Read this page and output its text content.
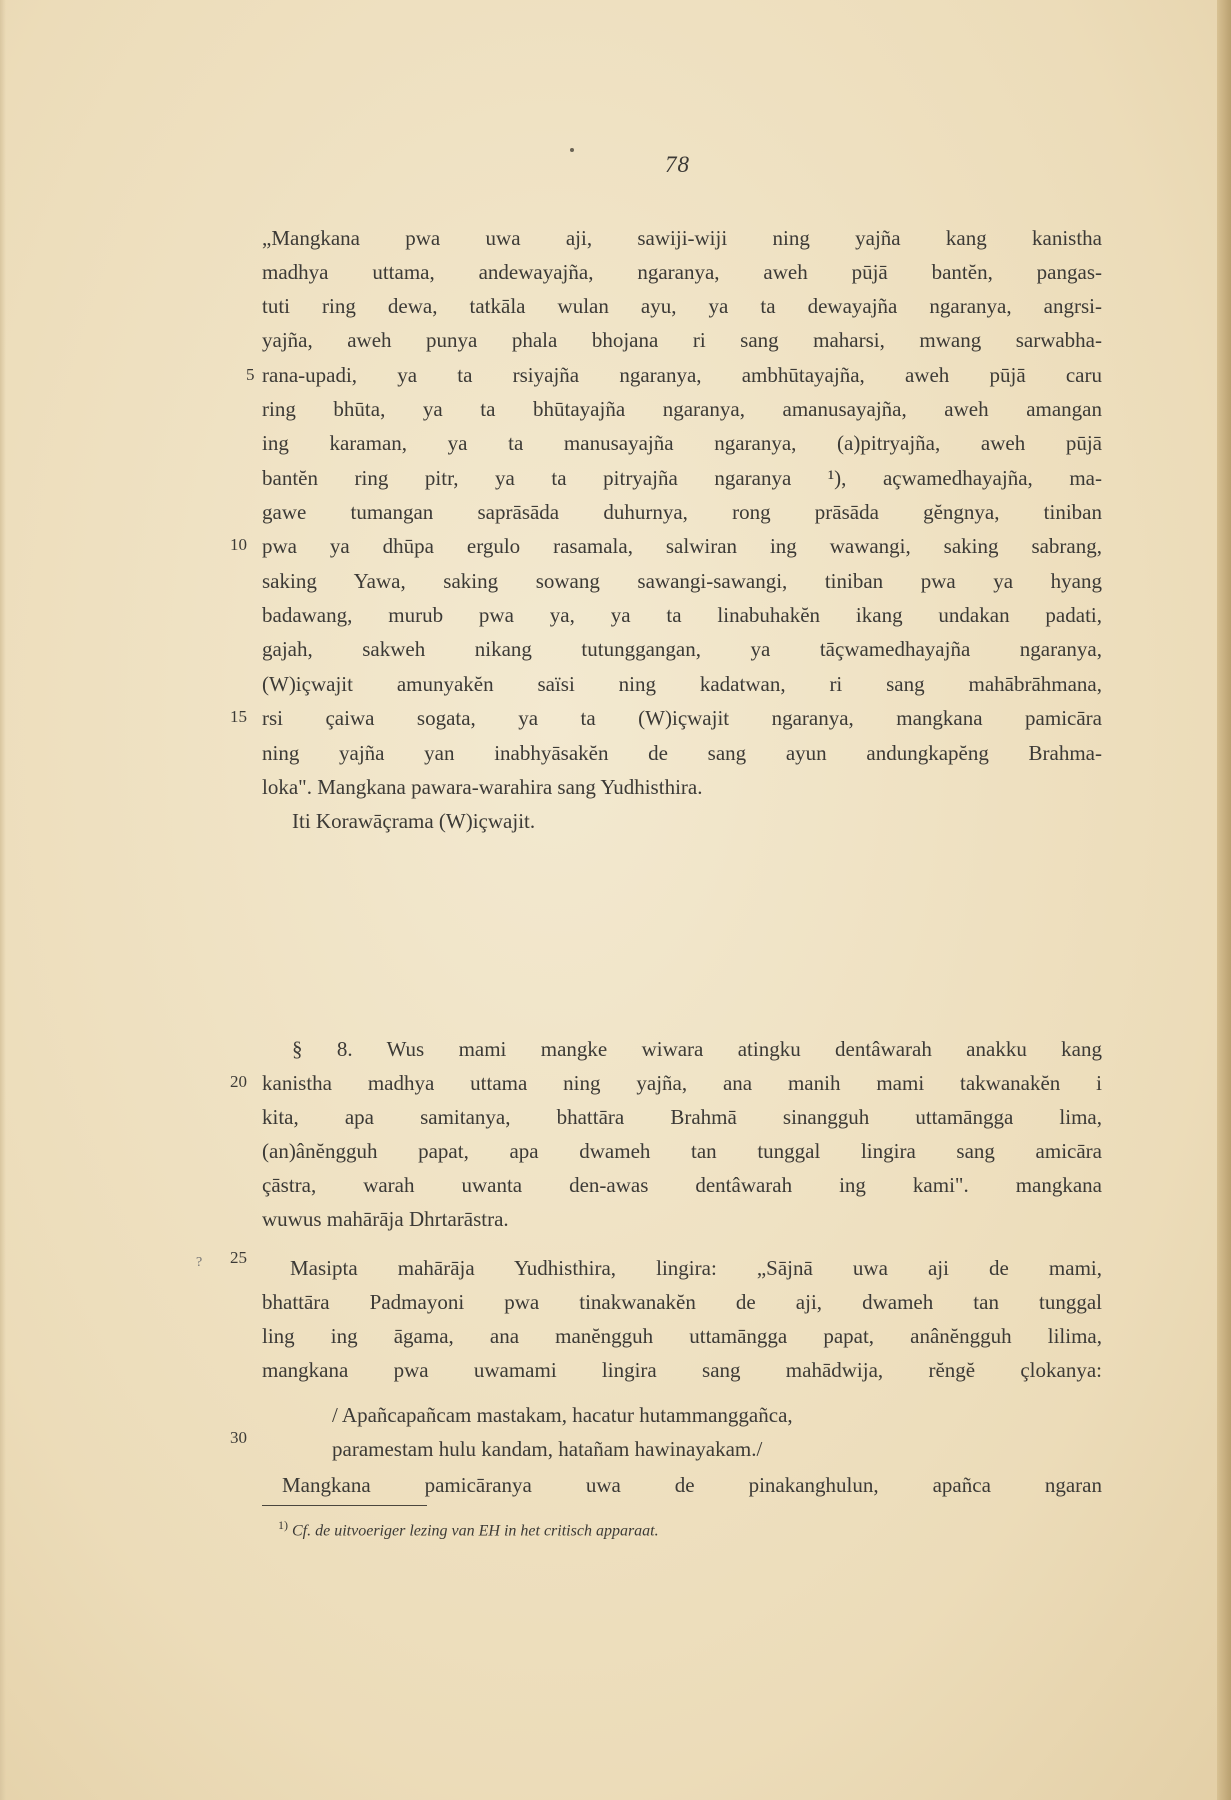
78
„Mangkana pwa uwa aji, sawiji-wiji ning yajña kang kanistha
madhya uttama, andewayajña, ngaranya, aweh pūjā bantĕn, pangas-
tuti ring dewa, tatkāla wulan ayu, ya ta dewayajña ngaranya, angrsi-
yajña, aweh punya phala bhojana ri sang maharsi, mwang sarwabha-
rana-upadi, ya ta rsiyajña ngaranya, ambhūtayajña, aweh pūjā caru
ring bhūta, ya ta bhūtayajña ngaranya, amanusayajña, aweh amangan
ing karaman, ya ta manusayajña ngaranya, (a)pitryajña, aweh pūjā
bantĕn ring pitr, ya ta pitryajña ngaranya ¹), açwamedhayajña, ma-
gawe tumangan saprāsāda duhurnya, rong prāsāda gĕngnya, tiniban
pwa ya dhūpa ergulo rasamala, salwiran ing wawangi, saking sabrang,
saking Yawa, saking sowang sawangi-sawangi, tiniban pwa ya hyang
badawang, murub pwa ya, ya ta linabuhakĕn ikang undakan padati,
gajah, sakweh nikang tutunggangan, ya tāçwamedhayajña ngaranya,
(W)içwajit amunyakĕn saïsi ning kadatwan, ri sang mahābrāhmana,
rsi çaiwa sogata, ya ta (W)içwajit ngaranya, mangkana pamicāra
ning yajña yan inabhyāsakĕn de sang ayun andungkapĕng Brahma-
loka". Mangkana pawara-warahira sang Yudhisthira.
Iti Korawāçrama (W)içwajit.
§ 8. Wus mami mangke wiwara atingku dentâwarah anakku kang
kanistha madhya uttama ning yajña, ana manih mami takwanakĕn i
kita, apa samitanya, bhattāra Brahmā sinangguh uttamāngga lima,
(an)ânĕngguh papat, apa dwameh tan tunggal lingira sang amicāra
çāstra, warah uwanta den-awas dentâwarah ing kami". mangkana
wuwus mahārāja Dhrtarāstra.
Masipta mahārāja Yudhisthira, lingira: „Sājnā uwa aji de mami,
bhattāra Padmayoni pwa tinakwanakĕn de aji, dwameh tan tunggal
ling ing āgama, ana manĕngguh uttamāngga papat, anânĕngguh lilima,
mangkana pwa uwamami lingira sang mahādwija, rĕngĕ çlokanya:
/ Apañcapañcam mastakam, hacatur hutammanggañca,
paramestam hulu kandam, hatañam hawinayakam./
Mangkana pamicāranya uwa de pinakanghulun, apañca ngaran
5
10
15
20
25
30
?
$^{1)}$ Cf. de uitvoeriger lezing van EH in het critisch apparaat.
